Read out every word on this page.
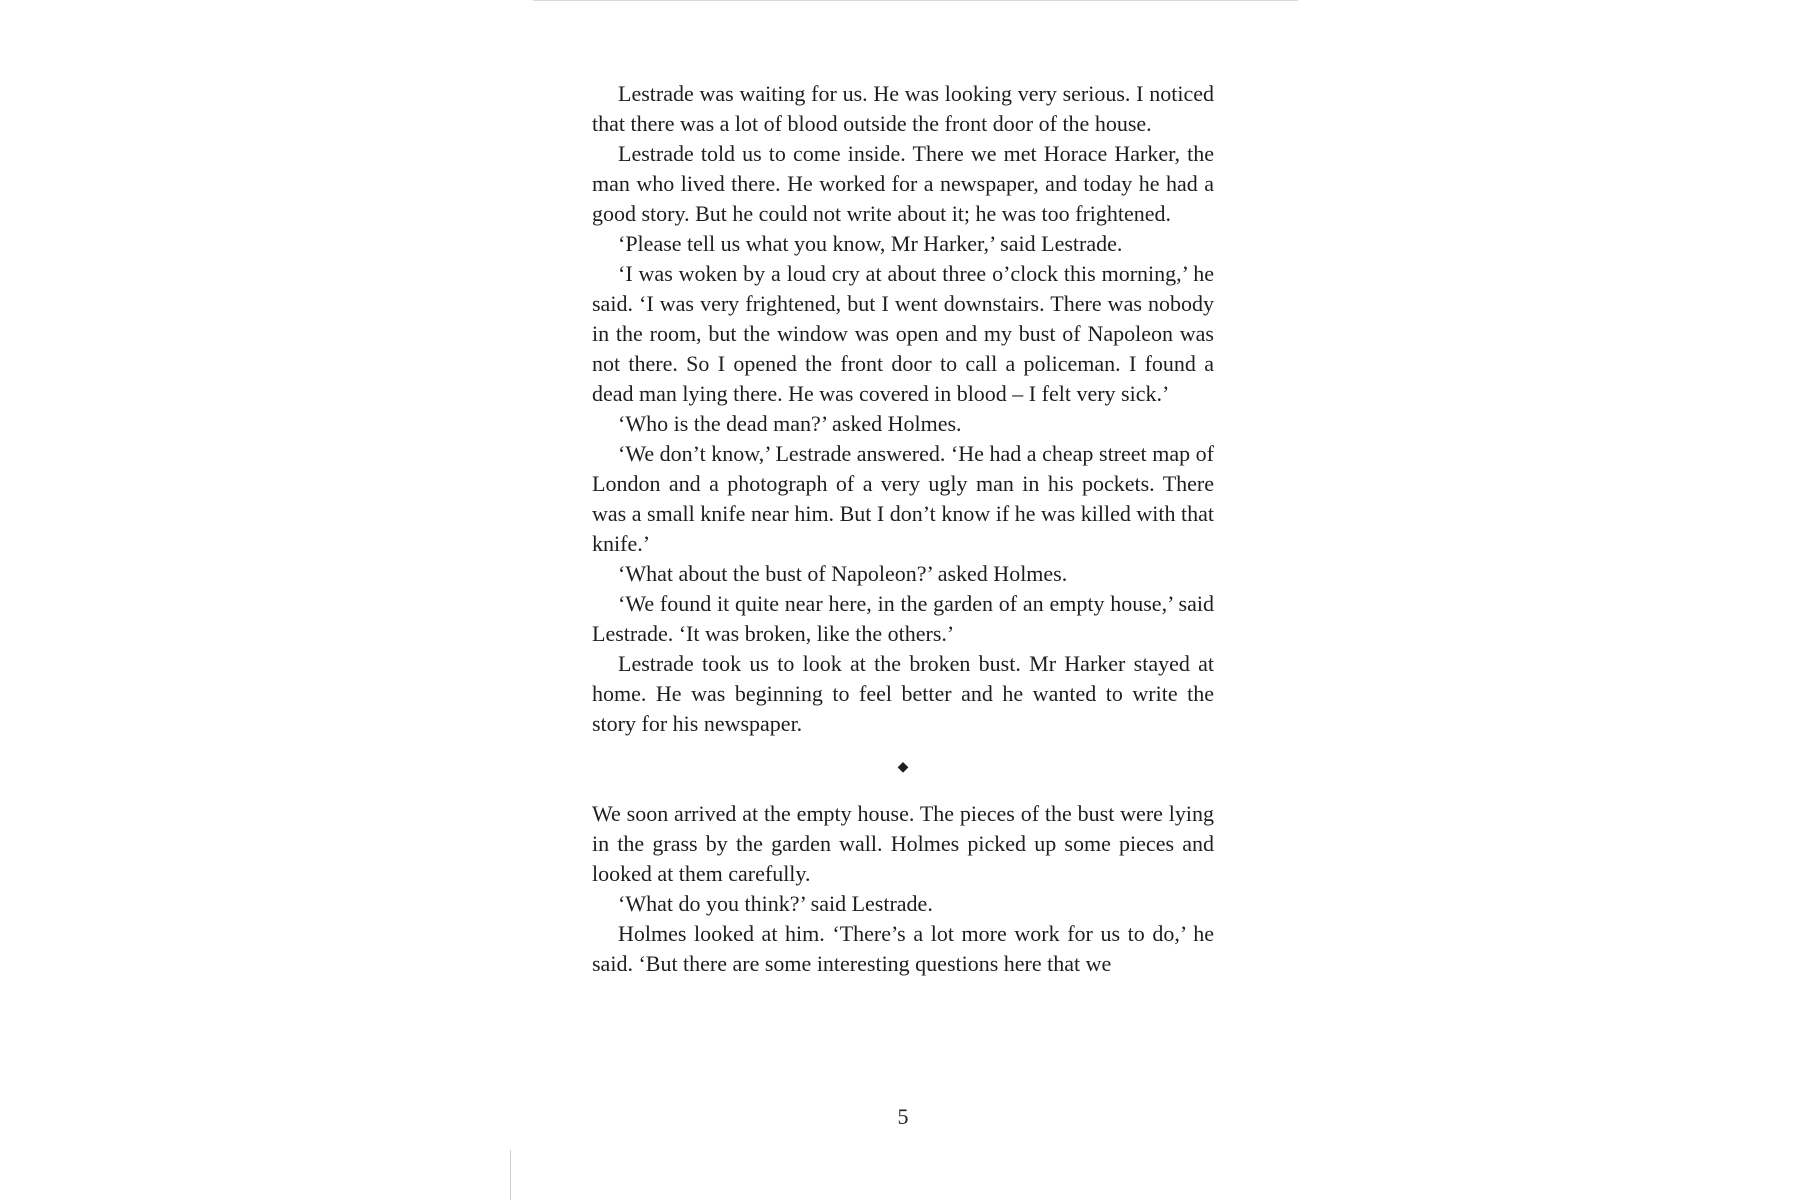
Lestrade was waiting for us. He was looking very serious. I noticed that there was a lot of blood outside the front door of the house.

Lestrade told us to come inside. There we met Horace Harker, the man who lived there. He worked for a newspaper, and today he had a good story. But he could not write about it; he was too frightened.

‘Please tell us what you know, Mr Harker,’ said Lestrade.

‘I was woken by a loud cry at about three o’clock this morning,’ he said. ‘I was very frightened, but I went downstairs. There was nobody in the room, but the window was open and my bust of Napoleon was not there. So I opened the front door to call a policeman. I found a dead man lying there. He was covered in blood – I felt very sick.’

‘Who is the dead man?’ asked Holmes.

‘We don’t know,’ Lestrade answered. ‘He had a cheap street map of London and a photograph of a very ugly man in his pockets. There was a small knife near him. But I don’t know if he was killed with that knife.’

‘What about the bust of Napoleon?’ asked Holmes.

‘We found it quite near here, in the garden of an empty house,’ said Lestrade. ‘It was broken, like the others.’

Lestrade took us to look at the broken bust. Mr Harker stayed at home. He was beginning to feel better and he wanted to write the story for his newspaper.

◆

We soon arrived at the empty house. The pieces of the bust were lying in the grass by the garden wall. Holmes picked up some pieces and looked at them carefully.

‘What do you think?’ said Lestrade.

Holmes looked at him. ‘There’s a lot more work for us to do,’ he said. ‘But there are some interesting questions here that we

5
